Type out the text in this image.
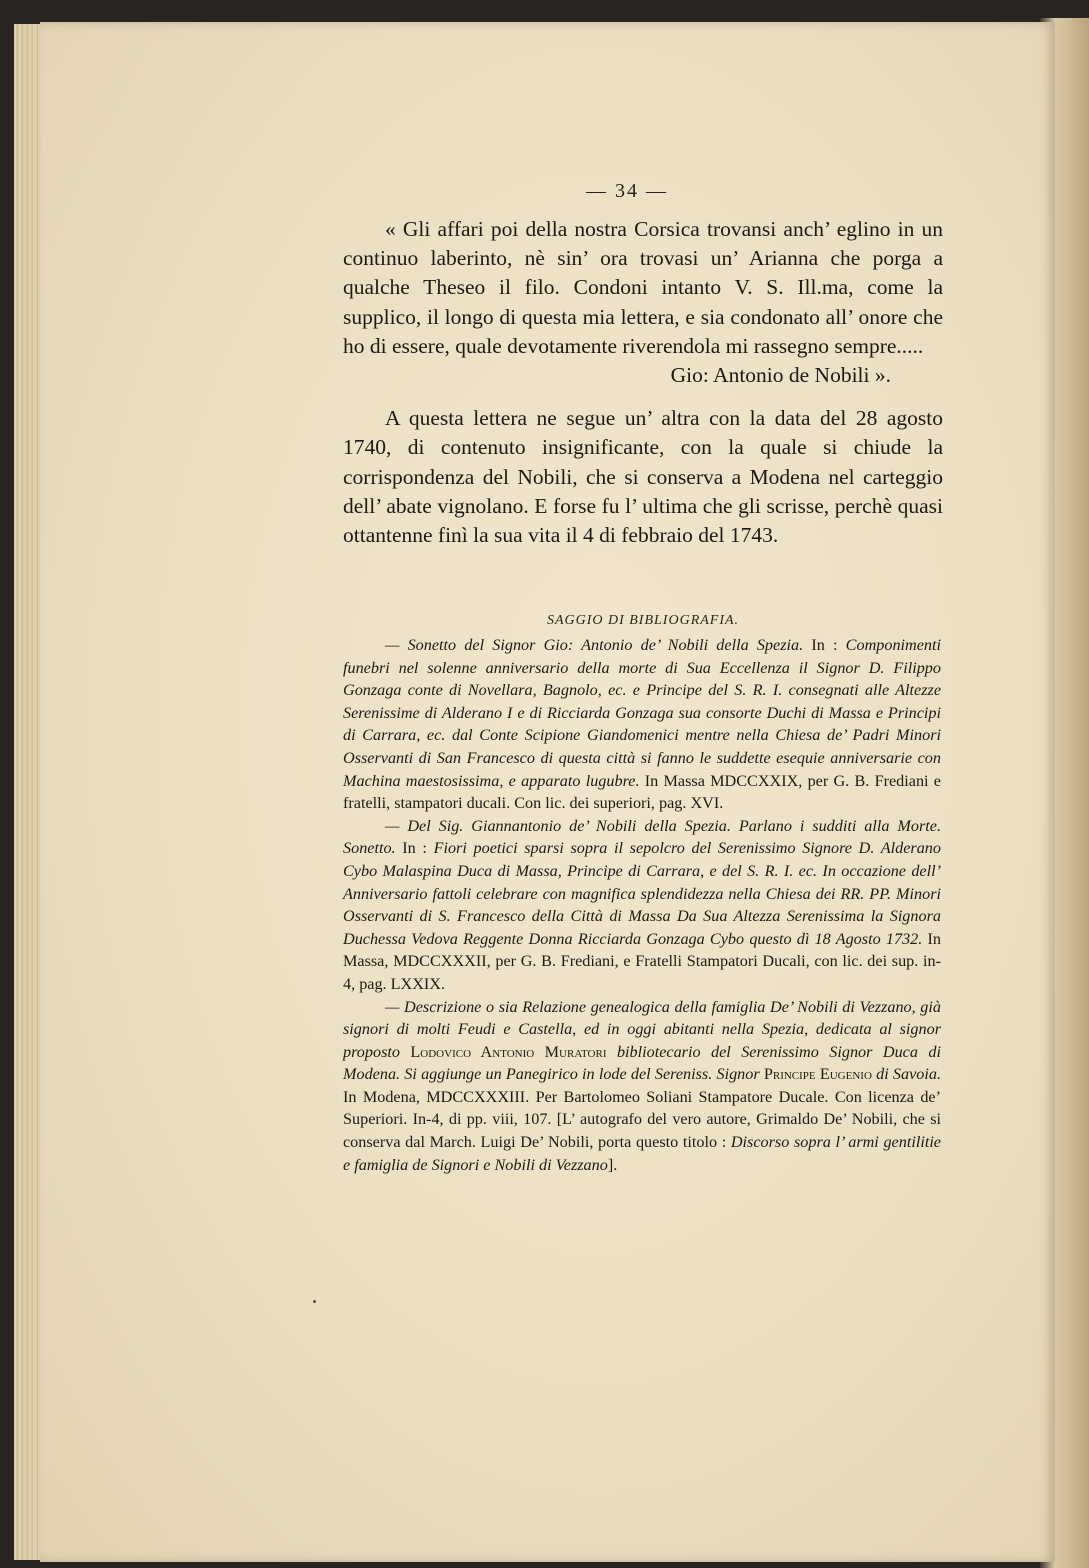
— 34 —

« Gli affari poi della nostra Corsica trovansi anch’ eglino in un continuo laberinto, nè sin’ ora trovasi un’ Arianna che porga a qualche Theseo il filo. Condoni intanto V. S. Ill.ma, come la supplico, il longo di questa mia lettera, e sia condonato all’ onore che ho di essere, quale devotamente riverendola mi rassegno sempre.....

Gio: Antonio de Nobili ».

A questa lettera ne segue un’ altra con la data del 28 agosto 1740, di contenuto insignificante, con la quale si chiude la corrispondenza del Nobili, che si conserva a Modena nel carteggio dell’ abate vignolano. E forse fu l’ ultima che gli scrisse, perchè quasi ottantenne finì la sua vita il 4 di febbraio del 1743.

SAGGIO DI BIBLIOGRAFIA.

— Sonetto del Signor Gio: Antonio de’ Nobili della Spezia. In : Componimenti funebri nel solenne anniversario della morte di Sua Eccellenza il Signor D. Filippo Gonzaga conte di Novellara, Bagnolo, ec. e Principe del S. R. I. consegnati alle Altezze Serenissime di Alderano I e di Ricciarda Gonzaga sua consorte Duchi di Massa e Principi di Carrara, ec. dal Conte Scipione Giandomenici mentre nella Chiesa de’ Padri Minori Osservanti di San Francesco di questa città si fanno le suddette esequie anniversarie con Machina maestosissima, e apparato lugubre. In Massa MDCCXXIX, per G. B. Frediani e fratelli, stampatori ducali. Con lic. dei superiori, pag. XVI.

— Del Sig. Giannantonio de’ Nobili della Spezia. Parlano i sudditi alla Morte. Sonetto. In : Fiori poetici sparsi sopra il sepolcro del Serenissimo Signore D. Alderano Cybo Malaspina Duca di Massa, Principe di Carrara, e del S. R. I. ec. In occazione dell’ Anniversario fattoli celebrare con magnifica splendidezza nella Chiesa dei RR. PP. Minori Osservanti di S. Francesco della Città di Massa Da Sua Altezza Serenissima la Signora Duchessa Vedova Reggente Donna Ricciarda Gonzaga Cybo questo dì 18 Agosto 1732. In Massa, MDCCXXXII, per G. B. Frediani, e Fratelli Stampatori Ducali, con lic. dei sup. in-4, pag. LXXIX.

— Descrizione o sia Relazione genealogica della famiglia De’ Nobili di Vezzano, già signori di molti Feudi e Castella, ed in oggi abitanti nella Spezia, dedicata al signor proposto Lodovico Antonio Muratori bibliotecario del Serenissimo Signor Duca di Modena. Si aggiunge un Panegirico in lode del Sereniss. Signor Principe Eugenio di Savoia. In Modena, MDCCXXXIII. Per Bartolomeo Soliani Stampatore Ducale. Con licenza de’ Superiori. In-4, di pp. viii, 107. [L’ autografo del vero autore, Grimaldo De’ Nobili, che si conserva dal March. Luigi De’ Nobili, porta questo titolo : Discorso sopra l’ armi gentilitie e famiglia de Signori e Nobili di Vezzano].
